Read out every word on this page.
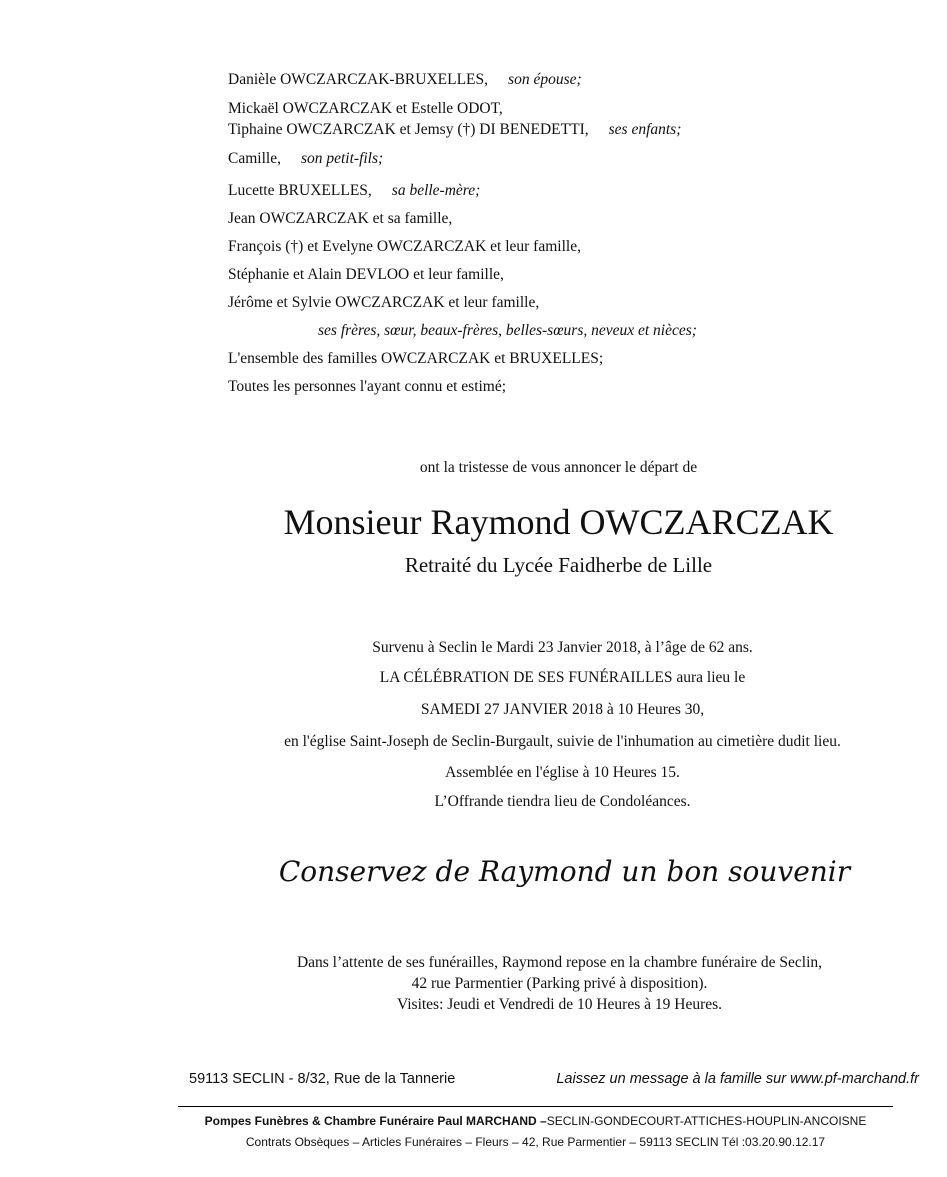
Danièle OWCZARCZAK-BRUXELLES, son épouse;
Mickaël OWCZARCZAK et Estelle ODOT,
Tiphaine OWCZARCZAK et Jemsy (†) DI BENEDETTI, ses enfants;
Camille, son petit-fils;
Lucette BRUXELLES, sa belle-mère;
Jean OWCZARCZAK et sa famille,
François (†) et Evelyne OWCZARCZAK et leur famille,
Stéphanie et Alain DEVLOO et leur famille,
Jérôme et Sylvie OWCZARCZAK et leur famille,
ses frères, sœur, beaux-frères, belles-sœurs, neveux et nièces;
L'ensemble des familles OWCZARCZAK et BRUXELLES;
Toutes les personnes l'ayant connu et estimé;
ont la tristesse de vous annoncer le départ de
Monsieur Raymond OWCZARCZAK
Retraité du Lycée Faidherbe de Lille
Survenu à Seclin le Mardi 23 Janvier 2018, à l’âge de 62 ans.
LA CÉLÉBRATION DE SES FUNÉRAILLES aura lieu le
SAMEDI 27 JANVIER 2018 à 10 Heures 30,
en l'église Saint-Joseph de Seclin-Burgault, suivie de l'inhumation au cimetière dudit lieu.
Assemblée en l'église à 10 Heures 15.
L’Offrande tiendra lieu de Condoléances.
Conservez de Raymond un bon souvenir
Dans l’attente de ses funérailles, Raymond repose en la chambre funéraire de Seclin,
42 rue Parmentier (Parking privé à disposition).
Visites: Jeudi et Vendredi de 10 Heures à 19 Heures.
59113 SECLIN - 8/32, Rue de la Tannerie	Laissez un message à la famille sur www.pf-marchand.fr
Pompes Funèbres & Chambre Funéraire Paul MARCHAND –SECLIN-GONDECOURT-ATTICHES-HOUPLIN-ANCOISNE
Contrats Obsèques – Articles Funéraires – Fleurs – 42, Rue Parmentier – 59113 SECLIN Tél :03.20.90.12.17
